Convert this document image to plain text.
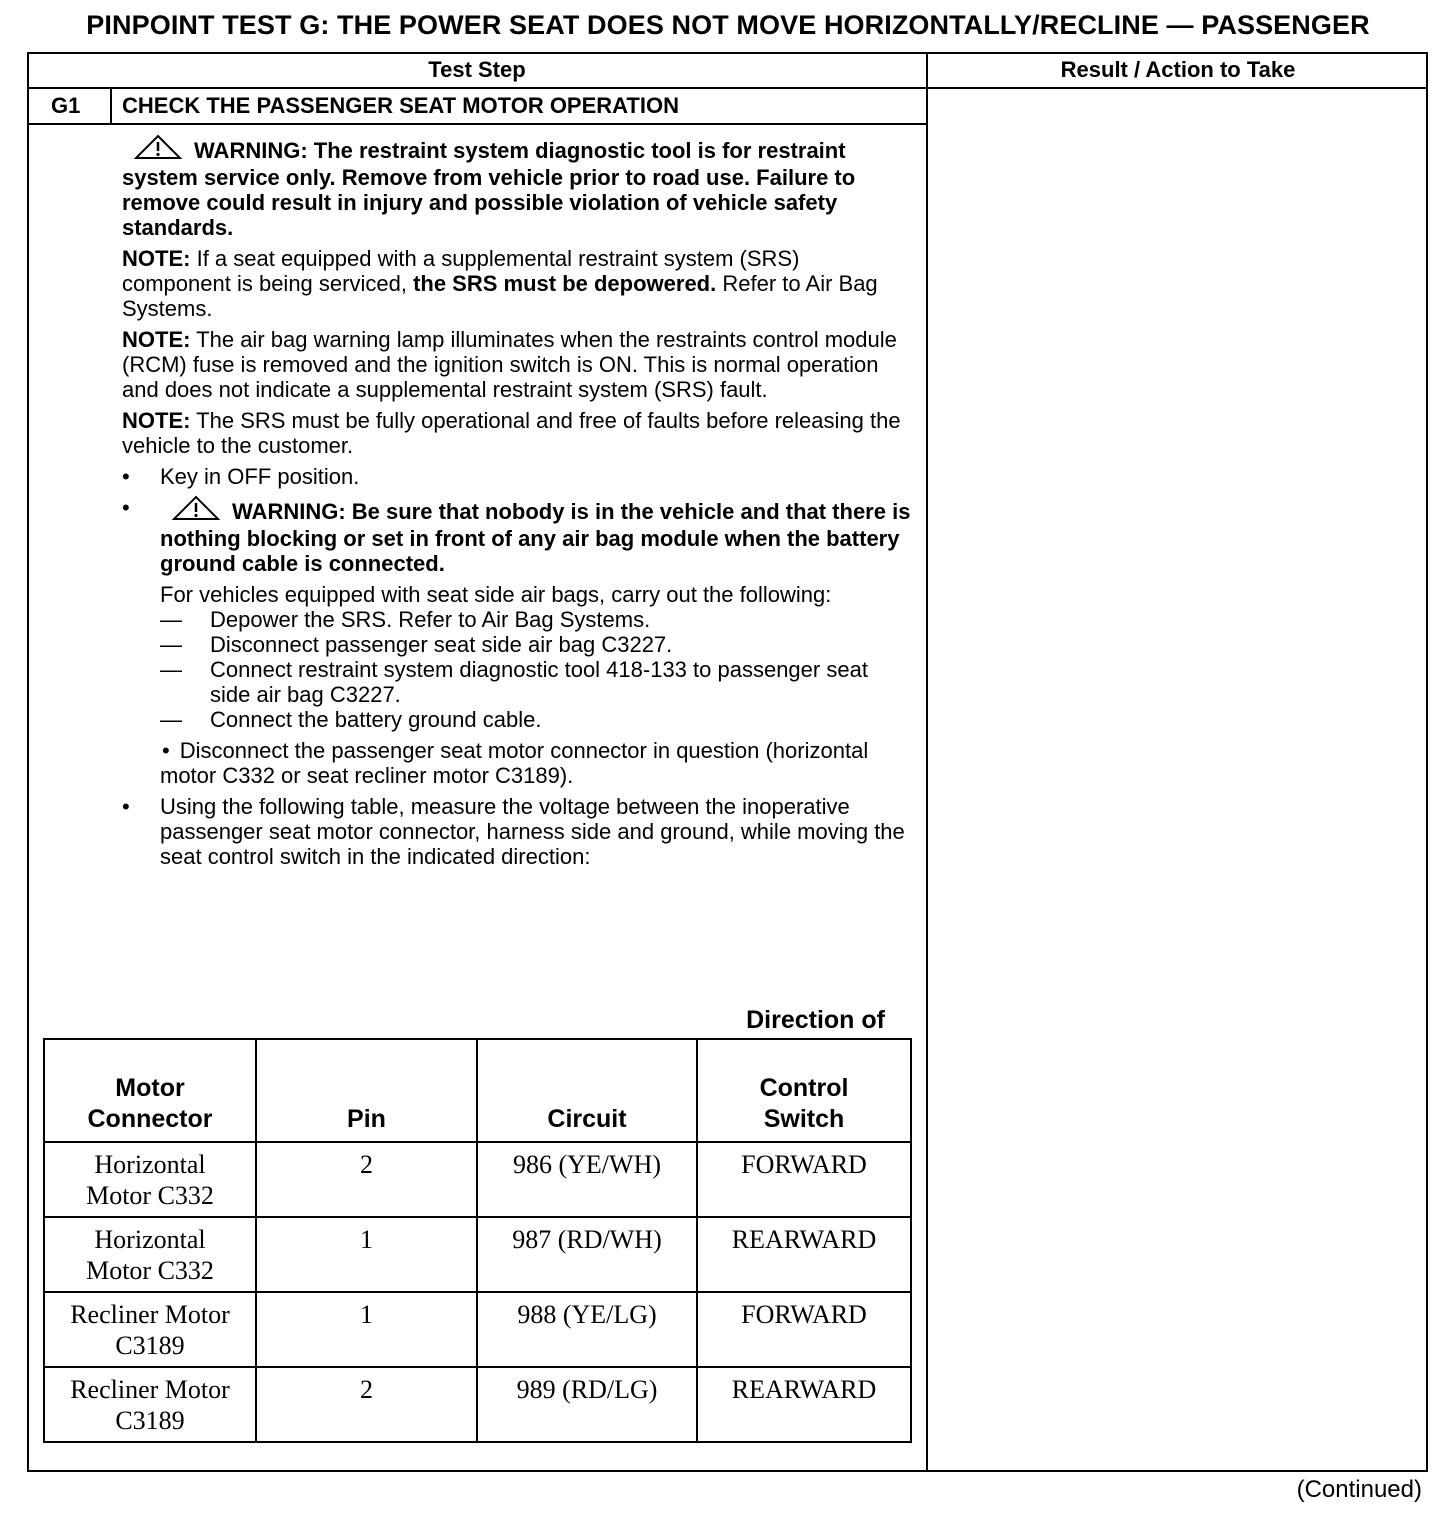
PINPOINT TEST G: THE POWER SEAT DOES NOT MOVE HORIZONTALLY/RECLINE — PASSENGER
Test Step	Result / Action to Take
G1 CHECK THE PASSENGER SEAT MOTOR OPERATION
WARNING: The restraint system diagnostic tool is for restraint system service only. Remove from vehicle prior to road use. Failure to remove could result in injury and possible violation of vehicle safety standards.
NOTE: If a seat equipped with a supplemental restraint system (SRS) component is being serviced, the SRS must be depowered. Refer to Air Bag Systems.
NOTE: The air bag warning lamp illuminates when the restraints control module (RCM) fuse is removed and the ignition switch is ON. This is normal operation and does not indicate a supplemental restraint system (SRS) fault.
NOTE: The SRS must be fully operational and free of faults before releasing the vehicle to the customer.
• Key in OFF position.
•	WARNING: Be sure that nobody is in the vehicle and that there is nothing blocking or set in front of any air bag module when the battery ground cable is connected.
For vehicles equipped with seat side air bags, carry out the following:
— Depower the SRS. Refer to Air Bag Systems.
— Disconnect passenger seat side air bag C3227.
— Connect restraint system diagnostic tool 418-133 to passenger seat side air bag C3227.
— Connect the battery ground cable.
• Disconnect the passenger seat motor connector in question (horizontal motor C332 or seat recliner motor C3189).
• Using the following table, measure the voltage between the inoperative passenger seat motor connector, harness side and ground, while moving the seat control switch in the indicated direction:
Direction of
Motor Connector	Pin	Circuit	Control Switch
Horizontal Motor C332	2	986 (YE/WH)	FORWARD
Horizontal Motor C332	1	987 (RD/WH)	REARWARD
Recliner Motor C3189	1	988 (YE/LG)	FORWARD
Recliner Motor C3189	2	989 (RD/LG)	REARWARD
(Continued)
